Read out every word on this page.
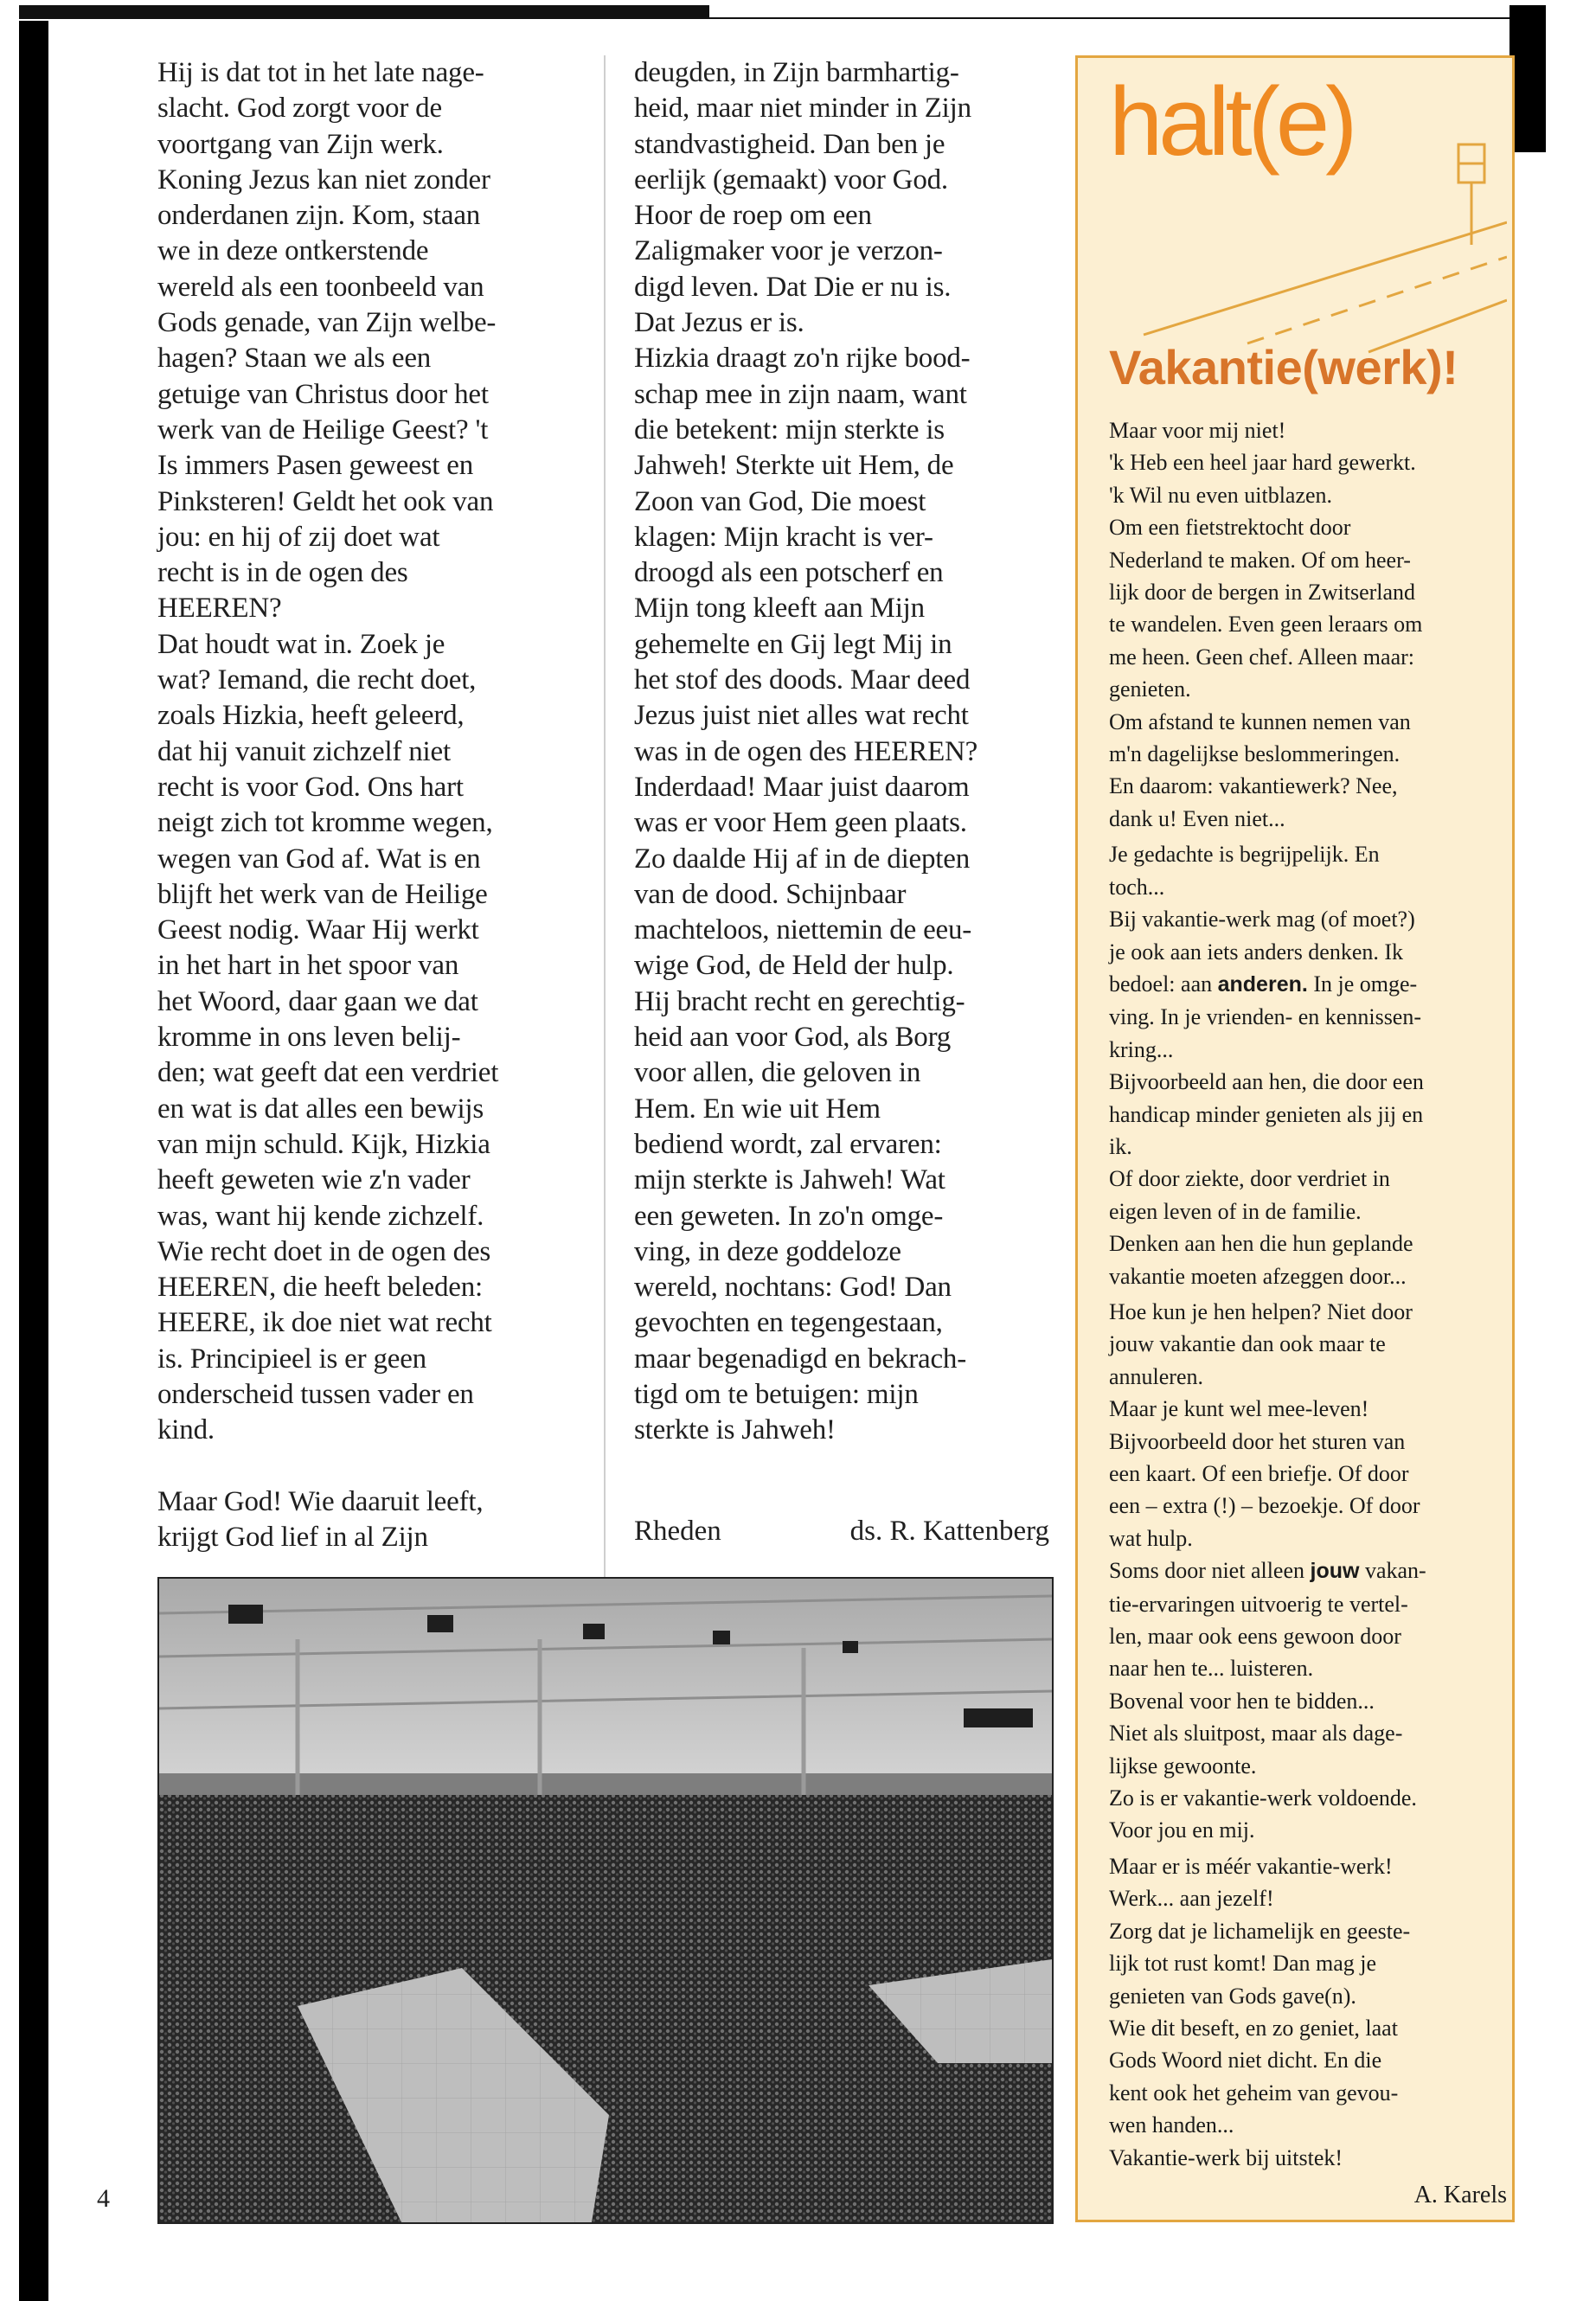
Hij is dat tot in het late nage-
slacht. God zorgt voor de
voortgang van Zijn werk.
Koning Jezus kan niet zonder
onderdanen zijn. Kom, staan
we in deze ontkerstende
wereld als een toonbeeld van
Gods genade, van Zijn welbe-
hagen? Staan we als een
getuige van Christus door het
werk van de Heilige Geest? 't
Is immers Pasen geweest en
Pinksteren! Geldt het ook van
jou: en hij of zij doet wat
recht is in de ogen des
HEEREN?

Dat houdt wat in. Zoek je
wat? Iemand, die recht doet,
zoals Hizkia, heeft geleerd,
dat hij vanuit zichzelf niet
recht is voor God. Ons hart
neigt zich tot kromme wegen,
wegen van God af. Wat is en
blijft het werk van de Heilige
Geest nodig. Waar Hij werkt
in het hart in het spoor van
het Woord, daar gaan we dat
kromme in ons leven belij-
den; wat geeft dat een verdriet
en wat is dat alles een bewijs
van mijn schuld. Kijk, Hizkia
heeft geweten wie z'n vader
was, want hij kende zichzelf.
Wie recht doet in de ogen des
HEEREN, die heeft beleden:
HEERE, ik doe niet wat recht
is. Principieel is er geen
onderscheid tussen vader en
kind.

Maar God! Wie daaruit leeft,
krijgt God lief in al Zijn

deugden, in Zijn barmhartig-
heid, maar niet minder in Zijn
standvastigheid. Dan ben je
eerlijk (gemaakt) voor God.
Hoor de roep om een
Zaligmaker voor je verzon-
digd leven. Dat Die er nu is.
Dat Jezus er is.

Hizkia draagt zo'n rijke bood-
schap mee in zijn naam, want
die betekent: mijn sterkte is
Jahweh! Sterkte uit Hem, de
Zoon van God, Die moest
klagen: Mijn kracht is ver-
droogd als een potscherf en
Mijn tong kleeft aan Mijn
gehemelte en Gij legt Mij in
het stof des doods. Maar deed
Jezus juist niet alles wat recht
was in de ogen des HEEREN?
Inderdaad! Maar juist daarom
was er voor Hem geen plaats.
Zo daalde Hij af in de diepten
van de dood. Schijnbaar
machteloos, niettemin de eeu-
wige God, de Held der hulp.
Hij bracht recht en gerechtig-
heid aan voor God, als Borg
voor allen, die geloven in
Hem. En wie uit Hem
bediend wordt, zal ervaren:
mijn sterkte is Jahweh! Wat
een geweten. In zo'n omge-
ving, in deze goddeloze
wereld, nochtans: God! Dan
gevochten en tegengestaan,
maar begenadigd en bekrach-
tigd om te betuigen: mijn
sterkte is Jahweh!

Rheden	ds. R. Kattenberg
4
halt(e)
Vakantie(werk)!

Maar voor mij niet!
'k Heb een heel jaar hard gewerkt.
'k Wil nu even uitblazen.
Om een fietstrektocht door
Nederland te maken. Of om heer-
lijk door de bergen in Zwitserland
te wandelen. Even geen leraars om
me heen. Geen chef. Alleen maar:
genieten.
Om afstand te kunnen nemen van
m'n dagelijkse beslommeringen.
En daarom: vakantiewerk? Nee,
dank u! Even niet...

Je gedachte is begrijpelijk. En
toch...
Bij vakantie-werk mag (of moet?)
je ook aan iets anders denken. Ik
bedoel: aan anderen. In je omge-
ving. In je vrienden- en kennissen-
kring...
Bijvoorbeeld aan hen, die door een
handicap minder genieten als jij en
ik.
Of door ziekte, door verdriet in
eigen leven of in de familie.
Denken aan hen die hun geplande
vakantie moeten afzeggen door...

Hoe kun je hen helpen? Niet door
jouw vakantie dan ook maar te
annuleren.
Maar je kunt wel mee-leven!
Bijvoorbeeld door het sturen van
een kaart. Of een briefje. Of door
een – extra (!) – bezoekje. Of door
wat hulp.
Soms door niet alleen jouw vakan-
tie-ervaringen uitvoerig te vertel-
len, maar ook eens gewoon door
naar hen te... luisteren.
Bovenal voor hen te bidden...
Niet als sluitpost, maar als dage-
lijkse gewoonte.
Zo is er vakantie-werk voldoende.
Voor jou en mij.

Maar er is méér vakantie-werk!
Werk... aan jezelf!
Zorg dat je lichamelijk en geeste-
lijk tot rust komt! Dan mag je
genieten van Gods gave(n).
Wie dit beseft, en zo geniet, laat
Gods Woord niet dicht. En die
kent ook het geheim van gevou-
wen handen...
Vakantie-werk bij uitstek!

A. Karels
